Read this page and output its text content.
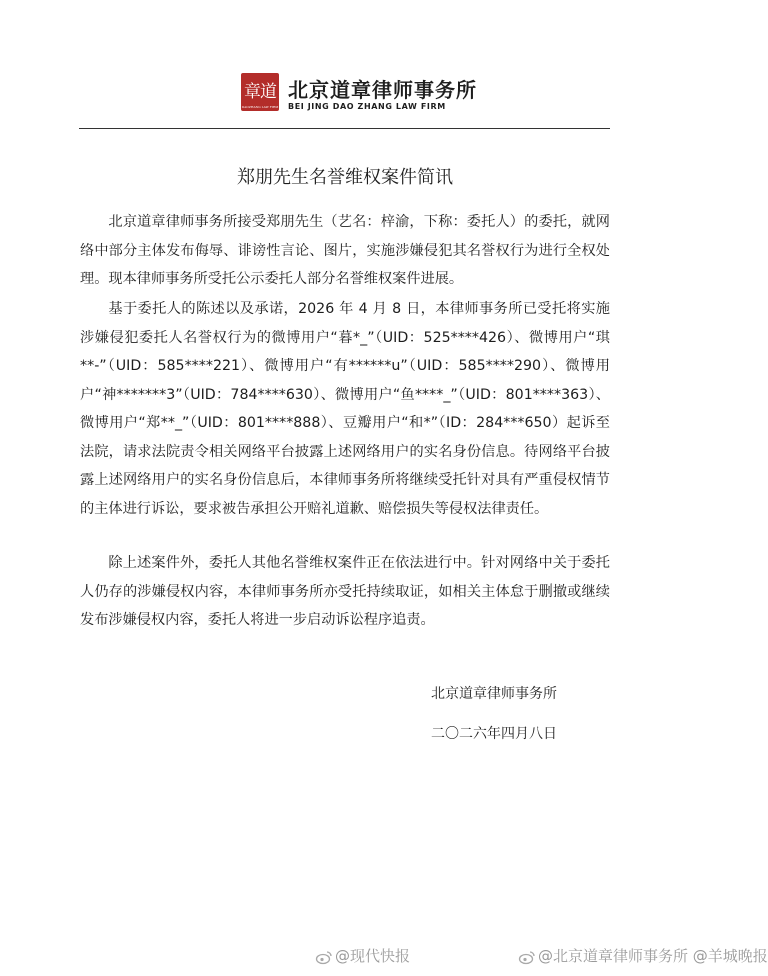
章道
DAOZHANG LAW FIRM
北京道章律师事务所
BEI JING DAO ZHANG LAW FIRM
郑朋先生名誉维权案件简讯

北京道章律师事务所接受郑朋先生（艺名：梓渝，下称：委托人）的委托，就网络中部分主体发布侮辱、诽谤性言论、图片，实施涉嫌侵犯其名誉权行为进行全权处理。现本律师事务所受托公示委托人部分名誉维权案件进展。

基于委托人的陈述以及承诺，2026 年 4 月 8 日，本律师事务所已受托将实施涉嫌侵犯委托人名誉权行为的微博用户“暮*_”（UID：525****426）、微博用户“琪**-”（UID：585****221）、微博用户“有******u”（UID：585****290）、微博用户“神*******3”（UID：784****630）、微博用户“鱼****_”（UID：801****363）、微博用户“郑**_”（UID：801****888）、豆瓣用户“和*”（ID：284***650）起诉至法院，请求法院责令相关网络平台披露上述网络用户的实名身份信息。待网络平台披露上述网络用户的实名身份信息后，本律师事务所将继续受托针对具有严重侵权情节的主体进行诉讼，要求被告承担公开赔礼道歉、赔偿损失等侵权法律责任。

除上述案件外，委托人其他名誉维权案件正在依法进行中。针对网络中关于委托人仍存的涉嫌侵权内容，本律师事务所亦受托持续取证，如相关主体怠于删撤或继续发布涉嫌侵权内容，委托人将进一步启动诉讼程序追责。

北京道章律师事务所
二〇二六年四月八日
@现代快报	@北京道章律师事务所 @羊城晚报
